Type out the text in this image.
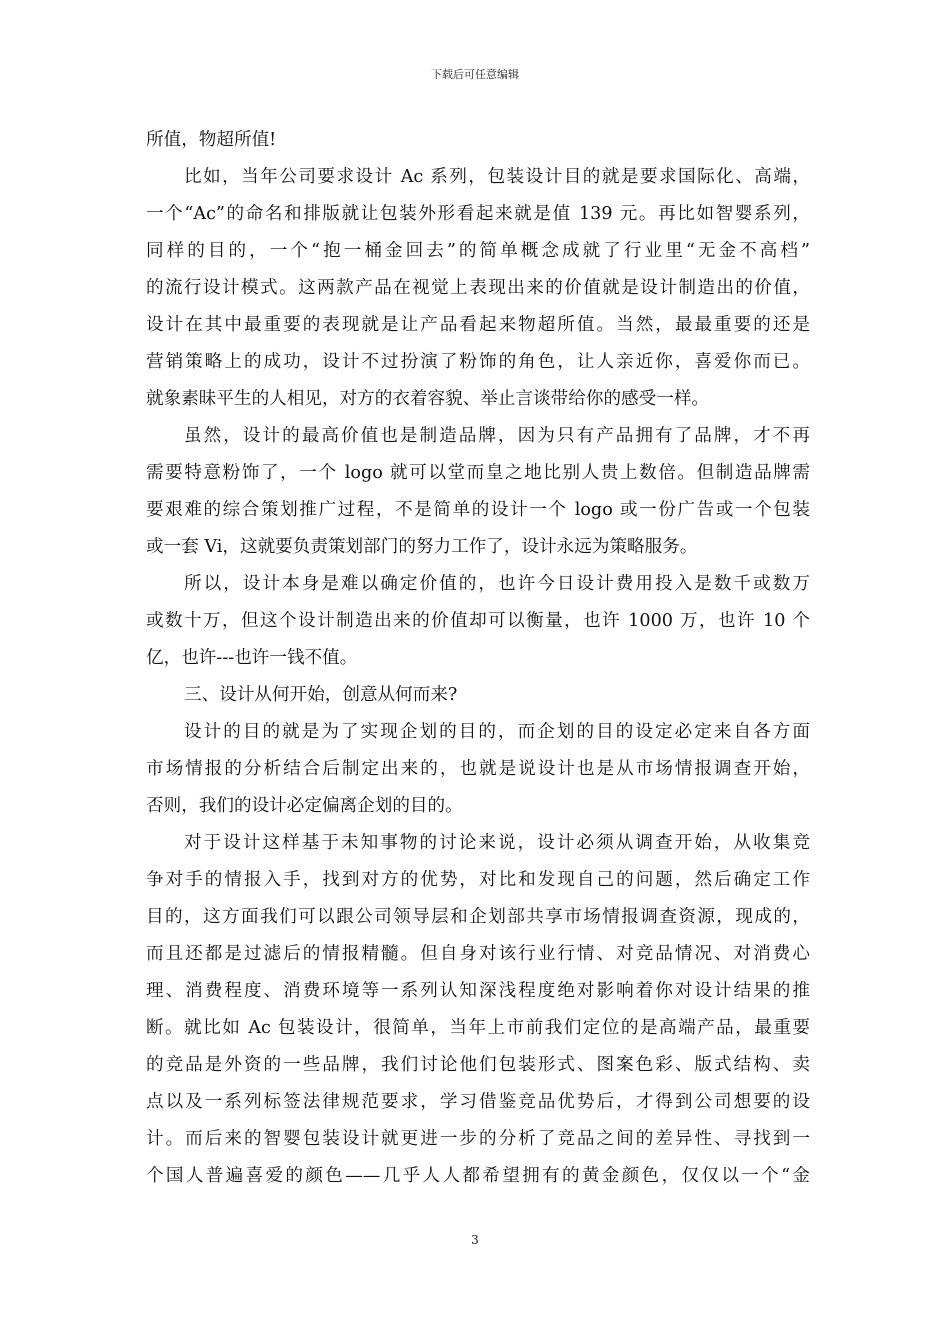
下载后可任意编辑
所值，物超所值!
比如，当年公司要求设计 Ac 系列，包装设计目的就是要求国际化、高端，
一个“Ac”的命名和排版就让包装外形看起来就是值 139 元。再比如智婴系列，
同样的目的，一个“抱一桶金回去”的简单概念成就了行业里“无金不高档”
的流行设计模式。这两款产品在视觉上表现出来的价值就是设计制造出的价值，
设计在其中最重要的表现就是让产品看起来物超所值。当然，最最重要的还是
营销策略上的成功，设计不过扮演了粉饰的角色，让人亲近你，喜爱你而已。
就象素昧平生的人相见，对方的衣着容貌、举止言谈带给你的感受一样。
虽然，设计的最高价值也是制造品牌，因为只有产品拥有了品牌，才不再
需要特意粉饰了，一个 logo 就可以堂而皇之地比别人贵上数倍。但制造品牌需
要艰难的综合策划推广过程，不是简单的设计一个 logo 或一份广告或一个包装
或一套 Vi，这就要负责策划部门的努力工作了，设计永远为策略服务。
所以，设计本身是难以确定价值的，也许今日设计费用投入是数千或数万
或数十万，但这个设计制造出来的价值却可以衡量，也许 1000 万，也许 10 个
亿，也许---也许一钱不值。
三、设计从何开始，创意从何而来?
设计的目的就是为了实现企划的目的，而企划的目的设定必定来自各方面
市场情报的分析结合后制定出来的，也就是说设计也是从市场情报调查开始，
否则，我们的设计必定偏离企划的目的。
对于设计这样基于未知事物的讨论来说，设计必须从调查开始，从收集竞
争对手的情报入手，找到对方的优势，对比和发现自己的问题，然后确定工作
目的，这方面我们可以跟公司领导层和企划部共享市场情报调查资源，现成的，
而且还都是过滤后的情报精髓。但自身对该行业行情、对竞品情况、对消费心
理、消费程度、消费环境等一系列认知深浅程度绝对影响着你对设计结果的推
断。就比如 Ac 包装设计，很简单，当年上市前我们定位的是高端产品，最重要
的竞品是外资的一些品牌，我们讨论他们包装形式、图案色彩、版式结构、卖
点以及一系列标签法律规范要求，学习借鉴竞品优势后，才得到公司想要的设
计。而后来的智婴包装设计就更进一步的分析了竞品之间的差异性、寻找到一
个国人普遍喜爱的颜色——几乎人人都希望拥有的黄金颜色，仅仅以一个“金
3
